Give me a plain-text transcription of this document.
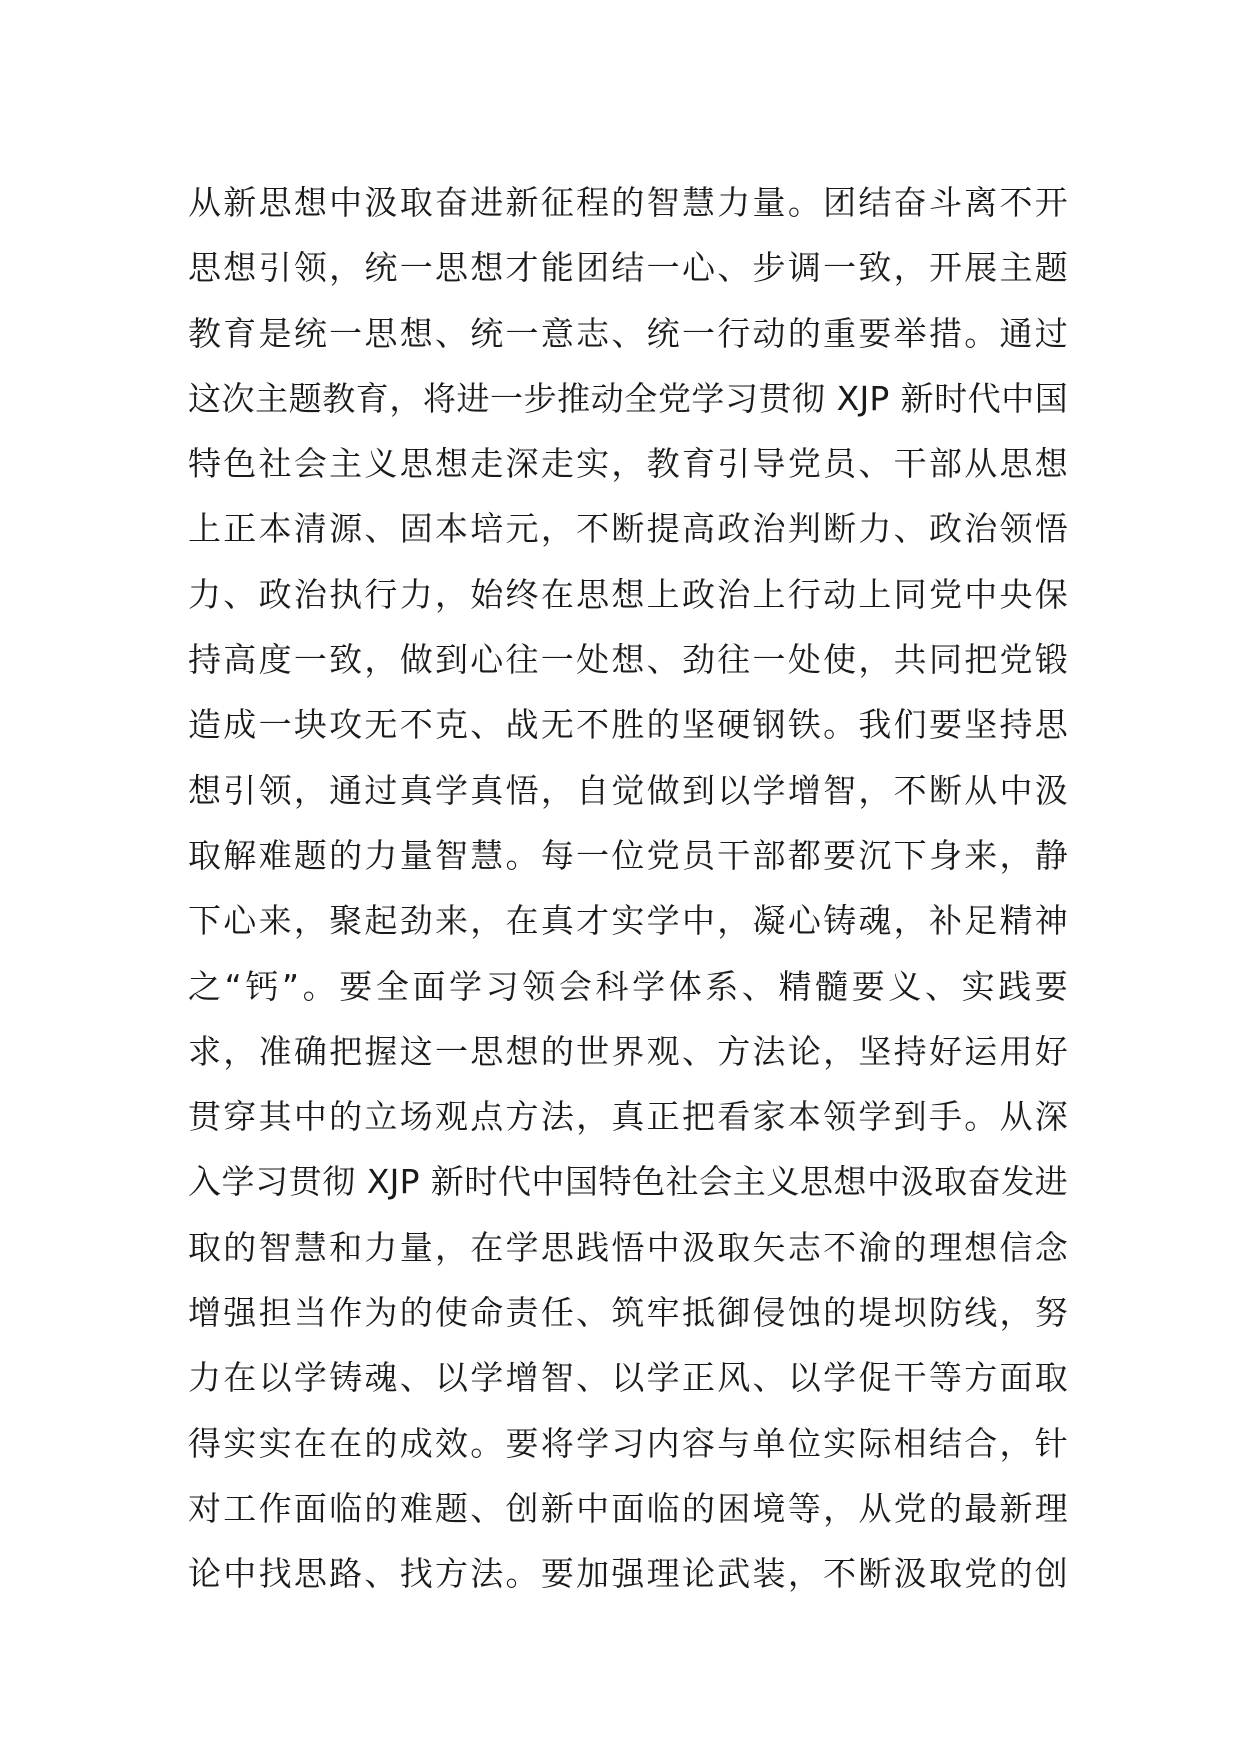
从新思想中汲取奋进新征程的智慧力量。团结奋斗离不开
思想引领，统一思想才能团结一心、步调一致，开展主题
教育是统一思想、统一意志、统一行动的重要举措。通过
这次主题教育，将进一步推动全党学习贯彻 XJP 新时代中国
特色社会主义思想走深走实，教育引导党员、干部从思想
上正本清源、固本培元，不断提高政治判断力、政治领悟
力、政治执行力，始终在思想上政治上行动上同党中央保
持高度一致，做到心往一处想、劲往一处使，共同把党锻
造成一块攻无不克、战无不胜的坚硬钢铁。我们要坚持思
想引领，通过真学真悟，自觉做到以学增智，不断从中汲
取解难题的力量智慧。每一位党员干部都要沉下身来，静
下心来，聚起劲来，在真才实学中，凝心铸魂，补足精神
之“钙”。要全面学习领会科学体系、精髓要义、实践要
求，准确把握这一思想的世界观、方法论，坚持好运用好
贯穿其中的立场观点方法，真正把看家本领学到手。从深
入学习贯彻 XJP 新时代中国特色社会主义思想中汲取奋发进
取的智慧和力量，在学思践悟中汲取矢志不渝的理想信念
增强担当作为的使命责任、筑牢抵御侵蚀的堤坝防线，努
力在以学铸魂、以学增智、以学正风、以学促干等方面取
得实实在在的成效。要将学习内容与单位实际相结合，针
对工作面临的难题、创新中面临的困境等，从党的最新理
论中找思路、找方法。要加强理论武装，不断汲取党的创
